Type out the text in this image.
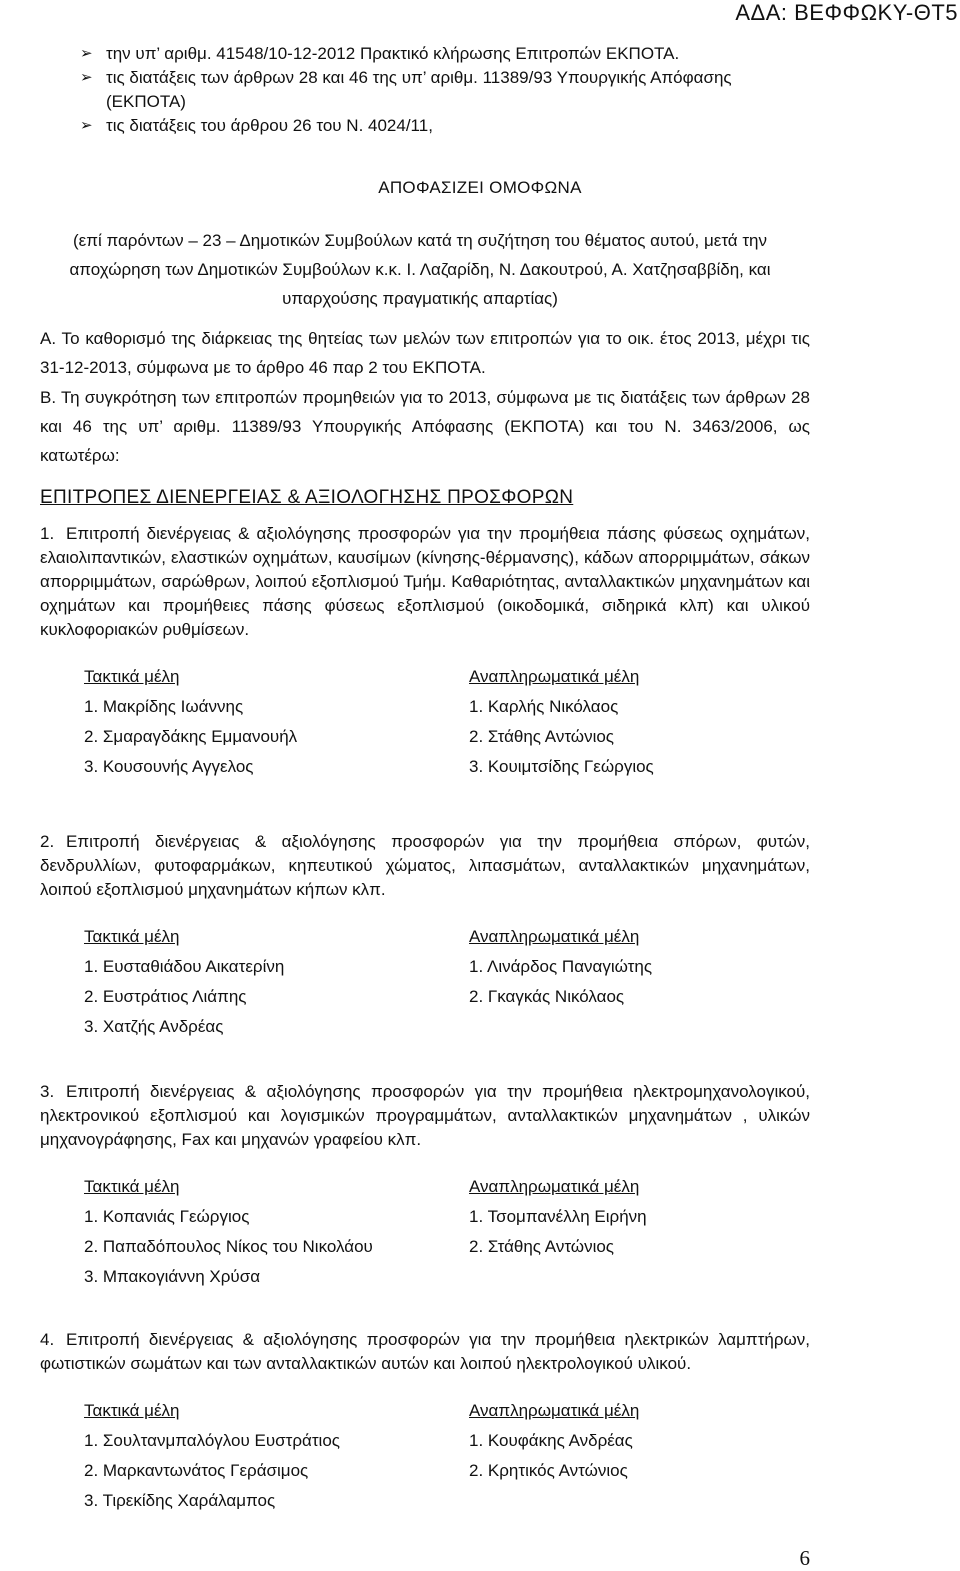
ΑΔΑ: ΒΕΦΦΩΚΥ-ΘΤ5
➢ την υπ’ αριθμ. 41548/10-12-2012 Πρακτικό κλήρωσης Επιτροπών ΕΚΠΟΤΑ.
➢ τις διατάξεις των άρθρων 28 και 46 της υπ’ αριθμ. 11389/93 Υπουργικής Απόφασης (ΕΚΠΟΤΑ)
➢ τις διατάξεις του άρθρου 26 του Ν. 4024/11,
ΑΠΟΦΑΣΙΖΕΙ ΟΜΟΦΩΝΑ
(επί παρόντων – 23 – Δημοτικών Συμβούλων κατά τη συζήτηση του θέματος αυτού, μετά την αποχώρηση των Δημοτικών Συμβούλων κ.κ. Ι. Λαζαρίδη, Ν. Δακουτρού, Α. Χατζησαββίδη, και υπαρχούσης πραγματικής απαρτίας)
Α. Το καθορισμό της διάρκειας της θητείας των μελών των επιτροπών για το οικ. έτος 2013, μέχρι τις 31-12-2013, σύμφωνα με το άρθρο 46 παρ 2 του ΕΚΠΟΤΑ.
Β. Τη συγκρότηση των επιτροπών προμηθειών για το 2013, σύμφωνα με τις διατάξεις των άρθρων 28 και 46 της υπ’ αριθμ. 11389/93 Υπουργικής Απόφασης (ΕΚΠΟΤΑ) και του Ν. 3463/2006, ως κατωτέρω:
ΕΠΙΤΡΟΠΕΣ ΔΙΕΝΕΡΓΕΙΑΣ & ΑΞΙΟΛΟΓΗΣΗΣ ΠΡΟΣΦΟΡΩΝ
1. Επιτροπή διενέργειας & αξιολόγησης προσφορών για την προμήθεια πάσης φύσεως οχημάτων, ελαιολιπαντικών, ελαστικών οχημάτων, καυσίμων (κίνησης-θέρμανσης), κάδων απορριμμάτων, σάκων απορριμμάτων, σαρώθρων, λοιπού εξοπλισμού Τμήμ. Καθαριότητας, ανταλλακτικών μηχανημάτων και οχημάτων και προμήθειες πάσης φύσεως εξοπλισμού (οικοδομικά, σιδηρικά κλπ) και υλικού κυκλοφοριακών ρυθμίσεων.
Τακτικά μέλη	Αναπληρωματικά μέλη
1. Μακρίδης Ιωάννης	1. Καρλής Νικόλαος
2. Σμαραγδάκης Εμμανουήλ	2. Στάθης Αντώνιος
3. Κουσουνής Αγγελος	3. Κουιμτσίδης Γεώργιος
2. Επιτροπή διενέργειας & αξιολόγησης προσφορών για την προμήθεια σπόρων, φυτών, δενδρυλλίων, φυτοφαρμάκων, κηπευτικού χώματος, λιπασμάτων, ανταλλακτικών μηχανημάτων, λοιπού εξοπλισμού μηχανημάτων κήπων κλπ.
Τακτικά μέλη	Αναπληρωματικά μέλη
1. Ευσταθιάδου Αικατερίνη	1. Λινάρδος Παναγιώτης
2. Ευστράτιος Λιάπης	2. Γκαγκάς Νικόλαος
3. Χατζής Ανδρέας
3. Επιτροπή διενέργειας & αξιολόγησης προσφορών για την προμήθεια ηλεκτρομηχανολογικού, ηλεκτρονικού εξοπλισμού και λογισμικών προγραμμάτων, ανταλλακτικών μηχανημάτων , υλικών μηχανογράφησης, Fax και μηχανών γραφείου κλπ.
Τακτικά μέλη	Αναπληρωματικά μέλη
1. Κοπανιάς Γεώργιος	1. Τσομπανέλλη Ειρήνη
2. Παπαδόπουλος Νίκος του Νικολάου	2. Στάθης Αντώνιος
3. Μπακογιάννη Χρύσα
4. Επιτροπή διενέργειας & αξιολόγησης προσφορών για την προμήθεια ηλεκτρικών λαμπτήρων, φωτιστικών σωμάτων και των ανταλλακτικών αυτών και λοιπού ηλεκτρολογικού υλικού.
Τακτικά μέλη	Αναπληρωματικά μέλη
1. Σουλτανμπαλόγλου Ευστράτιος	1. Κουφάκης Ανδρέας
2. Μαρκαντωνάτος Γεράσιμος	2. Κρητικός Αντώνιος
3. Τιρεκίδης Χαράλαμπος
6
